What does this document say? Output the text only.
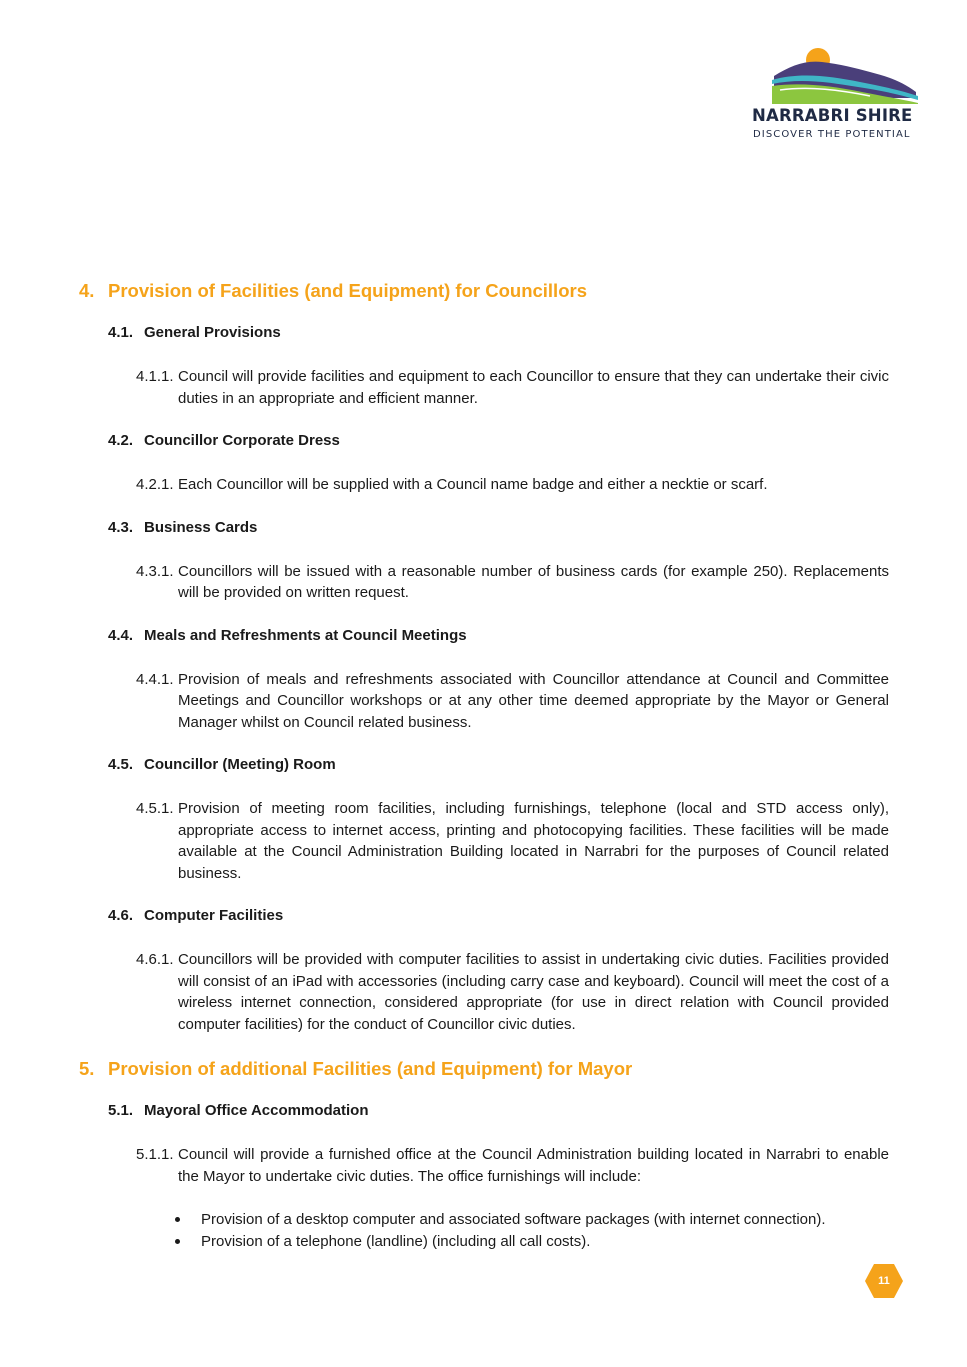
NARRABRI SHIRE
DISCOVER THE POTENTIAL
4. Provision of Facilities (and Equipment) for Councillors
4.1. General Provisions
4.1.1. Council will provide facilities and equipment to each Councillor to ensure that they can undertake their civic duties in an appropriate and efficient manner.
4.2. Councillor Corporate Dress
4.2.1. Each Councillor will be supplied with a Council name badge and either a necktie or scarf.
4.3. Business Cards
4.3.1. Councillors will be issued with a reasonable number of business cards (for example 250). Replacements will be provided on written request.
4.4. Meals and Refreshments at Council Meetings
4.4.1. Provision of meals and refreshments associated with Councillor attendance at Council and Committee Meetings and Councillor workshops or at any other time deemed appropriate by the Mayor or General Manager whilst on Council related business.
4.5. Councillor (Meeting) Room
4.5.1. Provision of meeting room facilities, including furnishings, telephone (local and STD access only), appropriate access to internet access, printing and photocopying facilities. These facilities will be made available at the Council Administration Building located in Narrabri for the purposes of Council related business.
4.6. Computer Facilities
4.6.1. Councillors will be provided with computer facilities to assist in undertaking civic duties. Facilities provided will consist of an iPad with accessories (including carry case and keyboard). Council will meet the cost of a wireless internet connection, considered appropriate (for use in direct relation with Council provided computer facilities) for the conduct of Councillor civic duties.
5. Provision of additional Facilities (and Equipment) for Mayor
5.1. Mayoral Office Accommodation
5.1.1. Council will provide a furnished office at the Council Administration building located in Narrabri to enable the Mayor to undertake civic duties. The office furnishings will include:
Provision of a desktop computer and associated software packages (with internet connection).
Provision of a telephone (landline) (including all call costs).
11
